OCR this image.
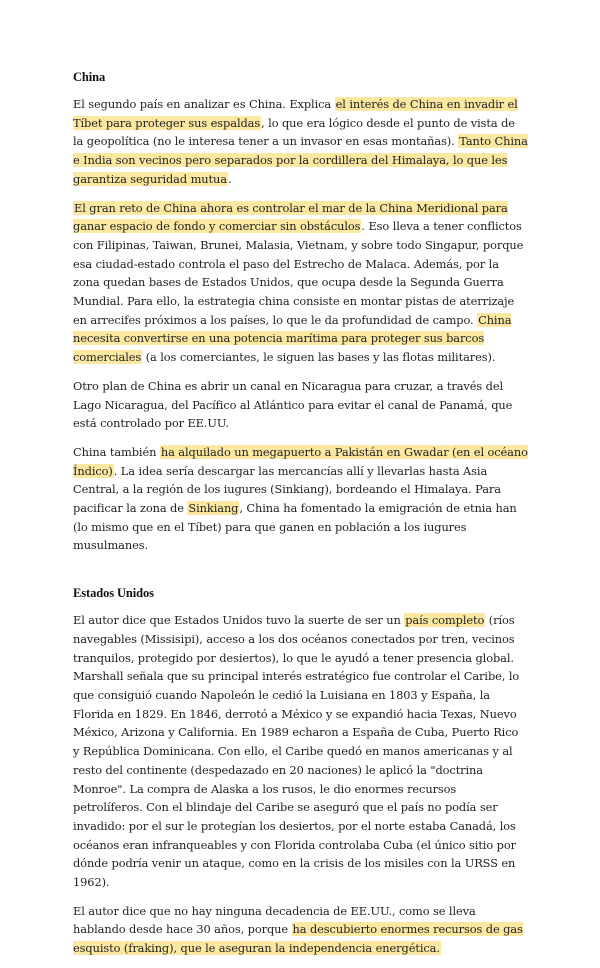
China

El segundo país en analizar es China. Explica el interés de China en invadir el Tíbet para proteger sus espaldas, lo que era lógico desde el punto de vista de la geopolítica (no le interesa tener a un invasor en esas montañas). Tanto China e India son vecinos pero separados por la cordillera del Himalaya, lo que les garantiza seguridad mutua.

El gran reto de China ahora es controlar el mar de la China Meridional para ganar espacio de fondo y comerciar sin obstáculos. Eso lleva a tener conflictos con Filipinas, Taiwan, Brunei, Malasia, Vietnam, y sobre todo Singapur, porque esa ciudad-estado controla el paso del Estrecho de Malaca. Además, por la zona quedan bases de Estados Unidos, que ocupa desde la Segunda Guerra Mundial. Para ello, la estrategia china consiste en montar pistas de aterrizaje en arrecifes próximos a los países, lo que le da profundidad de campo. China necesita convertirse en una potencia marítima para proteger sus barcos comerciales (a los comerciantes, le siguen las bases y las flotas militares).

Otro plan de China es abrir un canal en Nicaragua para cruzar, a través del Lago Nicaragua, del Pacífico al Atlántico para evitar el canal de Panamá, que está controlado por EE.UU.

China también ha alquilado un megapuerto a Pakistán en Gwadar (en el océano Índico). La idea sería descargar las mercancías allí y llevarlas hasta Asia Central, a la región de los iugures (Sinkiang), bordeando el Himalaya. Para pacificar la zona de Sinkiang, China ha fomentado la emigración de etnia han (lo mismo que en el Tíbet) para que ganen en población a los iugures musulmanes.

Estados Unidos

El autor dice que Estados Unidos tuvo la suerte de ser un país completo (ríos navegables (Missisipi), acceso a los dos océanos conectados por tren, vecinos tranquilos, protegido por desiertos), lo que le ayudó a tener presencia global. Marshall señala que su principal interés estratégico fue controlar el Caribe, lo que consiguió cuando Napoleón le cedió la Luisiana en 1803 y España, la Florida en 1829. En 1846, derrotó a México y se expandió hacia Texas, Nuevo México, Arizona y California. En 1989 echaron a España de Cuba, Puerto Rico y República Dominicana. Con ello, el Caribe quedó en manos americanas y al resto del continente (despedazado en 20 naciones) le aplicó la "doctrina Monroe". La compra de Alaska a los rusos, le dio enormes recursos petrolíferos. Con el blindaje del Caribe se aseguró que el país no podía ser invadido: por el sur le protegían los desiertos, por el norte estaba Canadá, los océanos eran infranqueables y con Florida controlaba Cuba (el único sitio por dónde podría venir un ataque, como en la crisis de los misiles con la URSS en 1962).

El autor dice que no hay ninguna decadencia de EE.UU., como se lleva hablando desde hace 30 años, porque ha descubierto enormes recursos de gas esquisto (fraking), que le aseguran la independencia energética.
